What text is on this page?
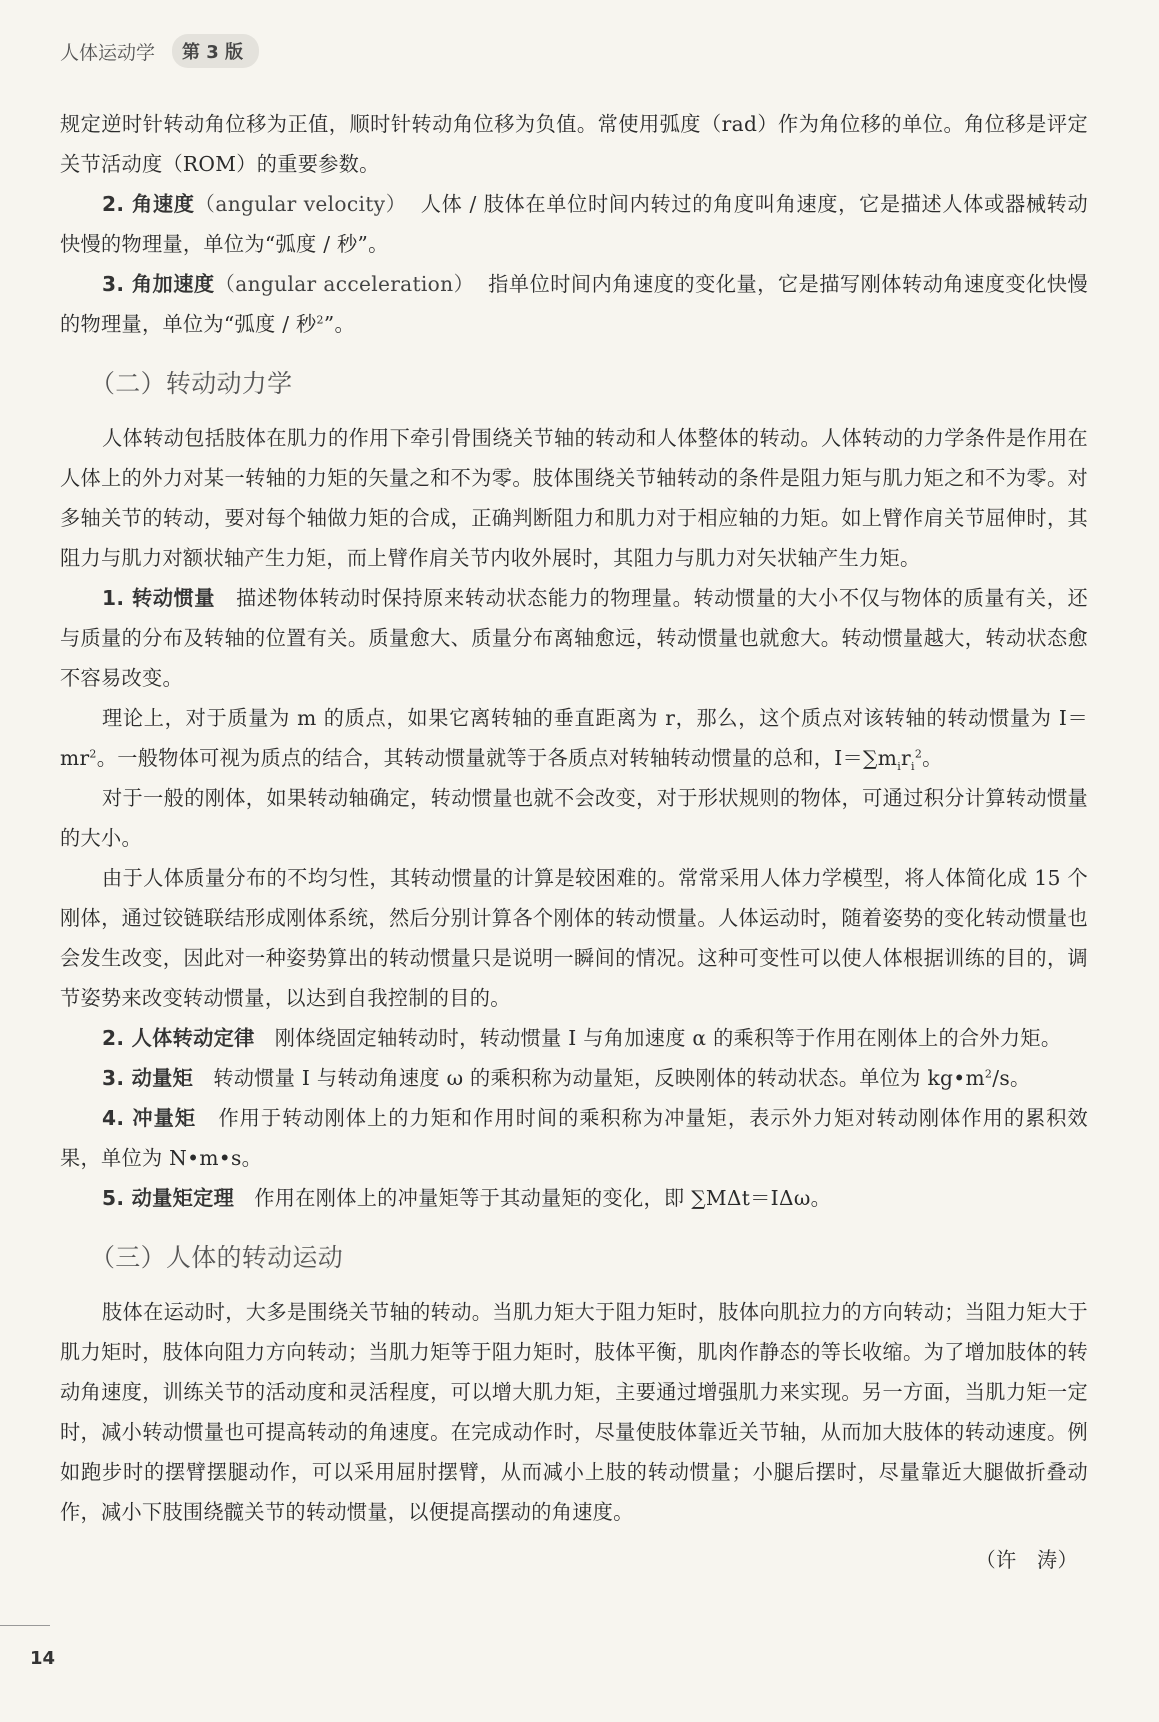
人体运动学	第 3 版

规定逆时针转动角位移为正值，顺时针转动角位移为负值。常使用弧度（rad）作为角位移的单位。角位移是评定关节活动度（ROM）的重要参数。

2. 角速度（angular velocity） 人体 / 肢体在单位时间内转过的角度叫角速度，它是描述人体或器械转动快慢的物理量，单位为“弧度 / 秒”。

3. 角加速度（angular acceleration） 指单位时间内角速度的变化量，它是描写刚体转动角速度变化快慢的物理量，单位为“弧度 / 秒$^2$”。

（二）转动动力学

人体转动包括肢体在肌力的作用下牵引骨围绕关节轴的转动和人体整体的转动。人体转动的力学条件是作用在人体上的外力对某一转轴的力矩的矢量之和不为零。肢体围绕关节轴转动的条件是阻力矩与肌力矩之和不为零。对多轴关节的转动，要对每个轴做力矩的合成，正确判断阻力和肌力对于相应轴的力矩。如上臂作肩关节屈伸时，其阻力与肌力对额状轴产生力矩，而上臂作肩关节内收外展时，其阻力与肌力对矢状轴产生力矩。

1. 转动惯量 描述物体转动时保持原来转动状态能力的物理量。转动惯量的大小不仅与物体的质量有关，还与质量的分布及转轴的位置有关。质量愈大、质量分布离轴愈远，转动惯量也就愈大。转动惯量越大，转动状态愈不容易改变。

理论上，对于质量为 m 的质点，如果它离转轴的垂直距离为 r，那么，这个质点对该转轴的转动惯量为 $I=mr^2$。一般物体可视为质点的结合，其转动惯量就等于各质点对转轴转动惯量的总和，$I=\sum m_ir_i^2$。

对于一般的刚体，如果转动轴确定，转动惯量也就不会改变，对于形状规则的物体，可通过积分计算转动惯量的大小。

由于人体质量分布的不均匀性，其转动惯量的计算是较困难的。常常采用人体力学模型，将人体简化成 15 个刚体，通过铰链联结形成刚体系统，然后分别计算各个刚体的转动惯量。人体运动时，随着姿势的变化转动惯量也会发生改变，因此对一种姿势算出的转动惯量只是说明一瞬间的情况。这种可变性可以使人体根据训练的目的，调节姿势来改变转动惯量，以达到自我控制的目的。

2. 人体转动定律 刚体绕固定轴转动时，转动惯量 I 与角加速度 α 的乘积等于作用在刚体上的合外力矩。

3. 动量矩 转动惯量 I 与转动角速度 ω 的乘积称为动量矩，反映刚体的转动状态。单位为 $kg•m^2/s$。

4. 冲量矩 作用于转动刚体上的力矩和作用时间的乘积称为冲量矩，表示外力矩对转动刚体作用的累积效果，单位为 N•m•s。

5. 动量矩定理 作用在刚体上的冲量矩等于其动量矩的变化，即 ∑MΔt＝IΔω。

（三）人体的转动运动

肢体在运动时，大多是围绕关节轴的转动。当肌力矩大于阻力矩时，肢体向肌拉力的方向转动；当阻力矩大于肌力矩时，肢体向阻力方向转动；当肌力矩等于阻力矩时，肢体平衡，肌肉作静态的等长收缩。为了增加肢体的转动角速度，训练关节的活动度和灵活程度，可以增大肌力矩，主要通过增强肌力来实现。另一方面，当肌力矩一定时，减小转动惯量也可提高转动的角速度。在完成动作时，尽量使肢体靠近关节轴，从而加大肢体的转动速度。例如跑步时的摆臂摆腿动作，可以采用屈肘摆臂，从而减小上肢的转动惯量；小腿后摆时，尽量靠近大腿做折叠动作，减小下肢围绕髋关节的转动惯量，以便提高摆动的角速度。

（许　涛）

14
